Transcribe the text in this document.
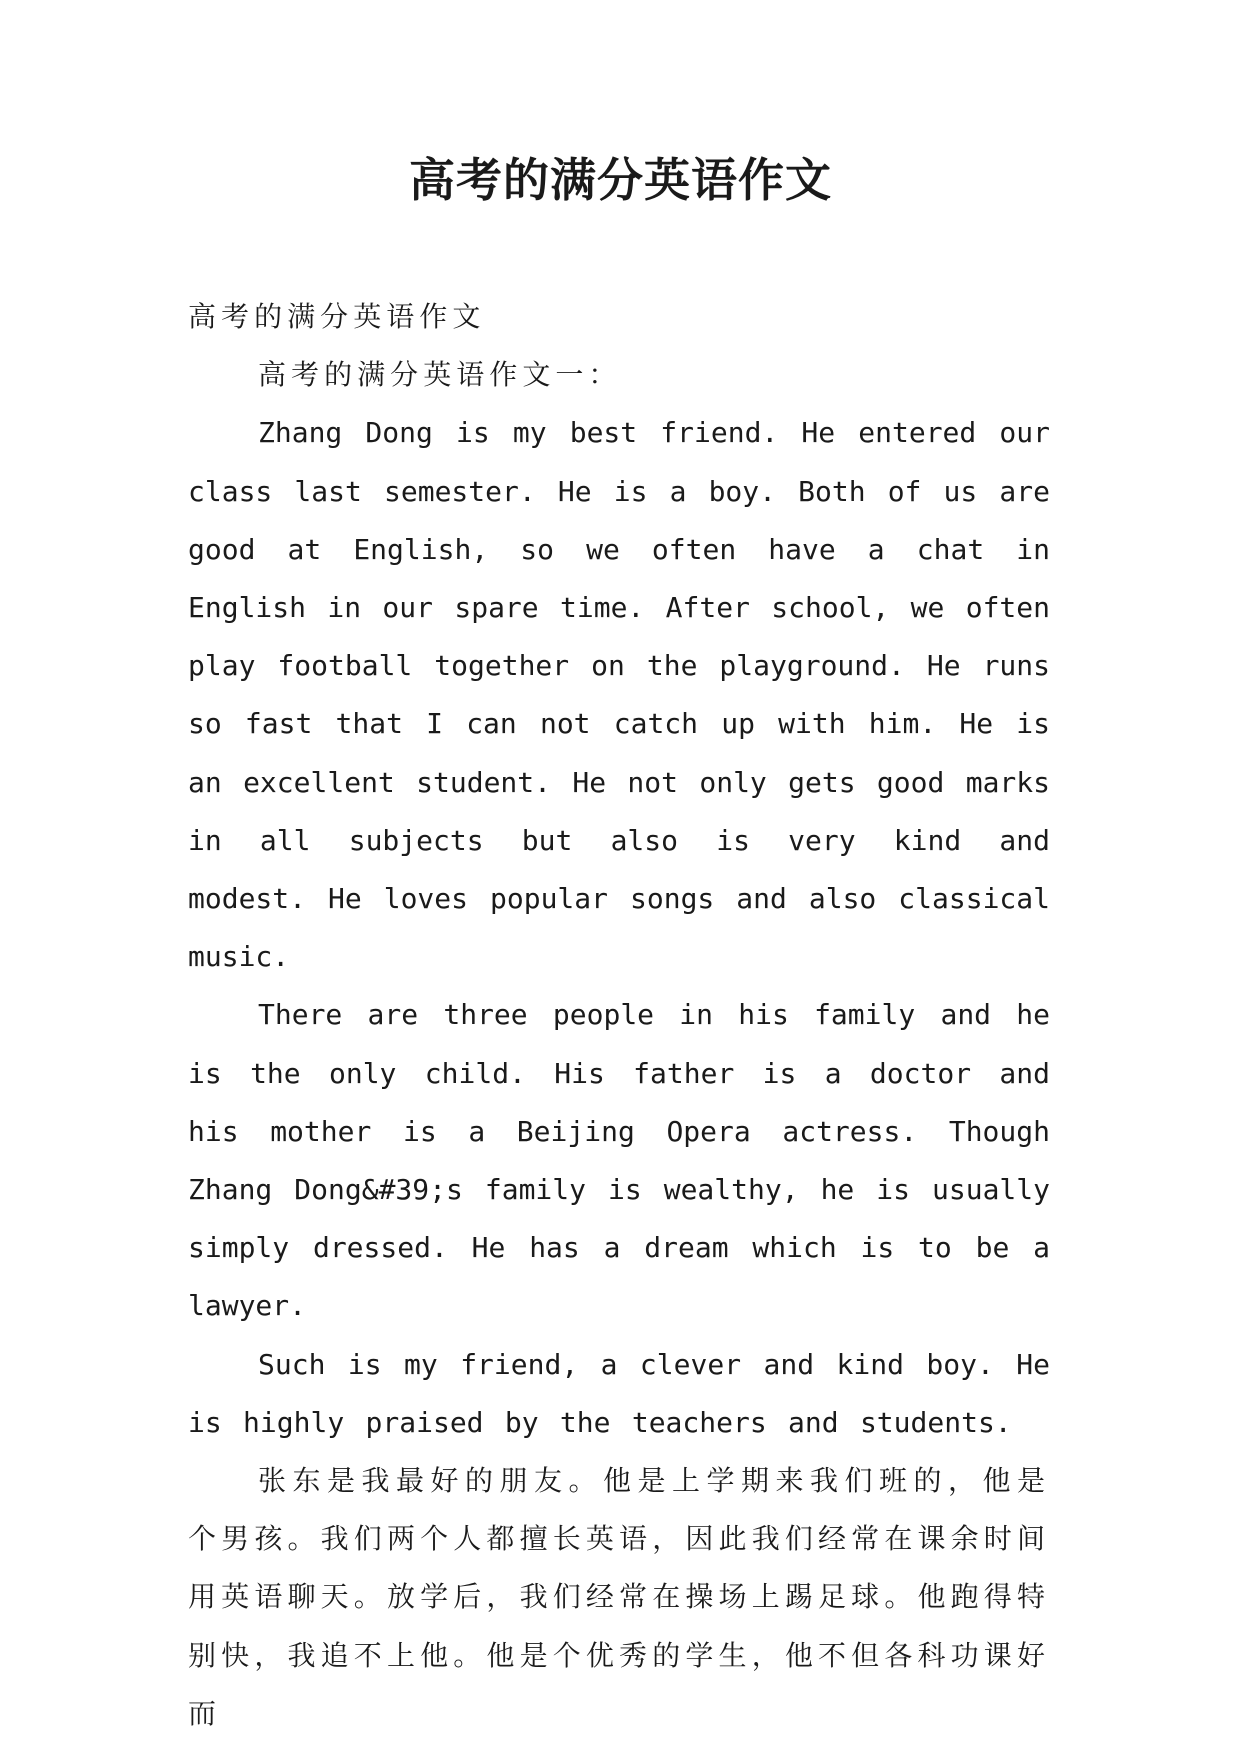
高考的满分英语作文

高考的满分英语作文

高考的满分英语作文一：

Zhang Dong is my best friend. He entered our class last semester. He is a boy. Both of us are good at English, so we often have a chat in English in our spare time. After school, we often play football together on the playground. He runs so fast that I can not catch up with him. He is an excellent student. He not only gets good marks in all subjects but also is very kind and modest. He loves popular songs and also classical music.

There are three people in his family and he is the only child. His father is a doctor and his mother is a Beijing Opera actress. Though Zhang Dong&#39;s family is wealthy, he is usually simply dressed. He has a dream which is to be a lawyer.

Such is my friend, a clever and kind boy. He is highly praised by the teachers and students.

张东是我最好的朋友。他是上学期来我们班的，他是个男孩。我们两个人都擅长英语，因此我们经常在课余时间用英语聊天。放学后，我们经常在操场上踢足球。他跑得特别快，我追不上他。他是个优秀的学生，他不但各科功课好而
